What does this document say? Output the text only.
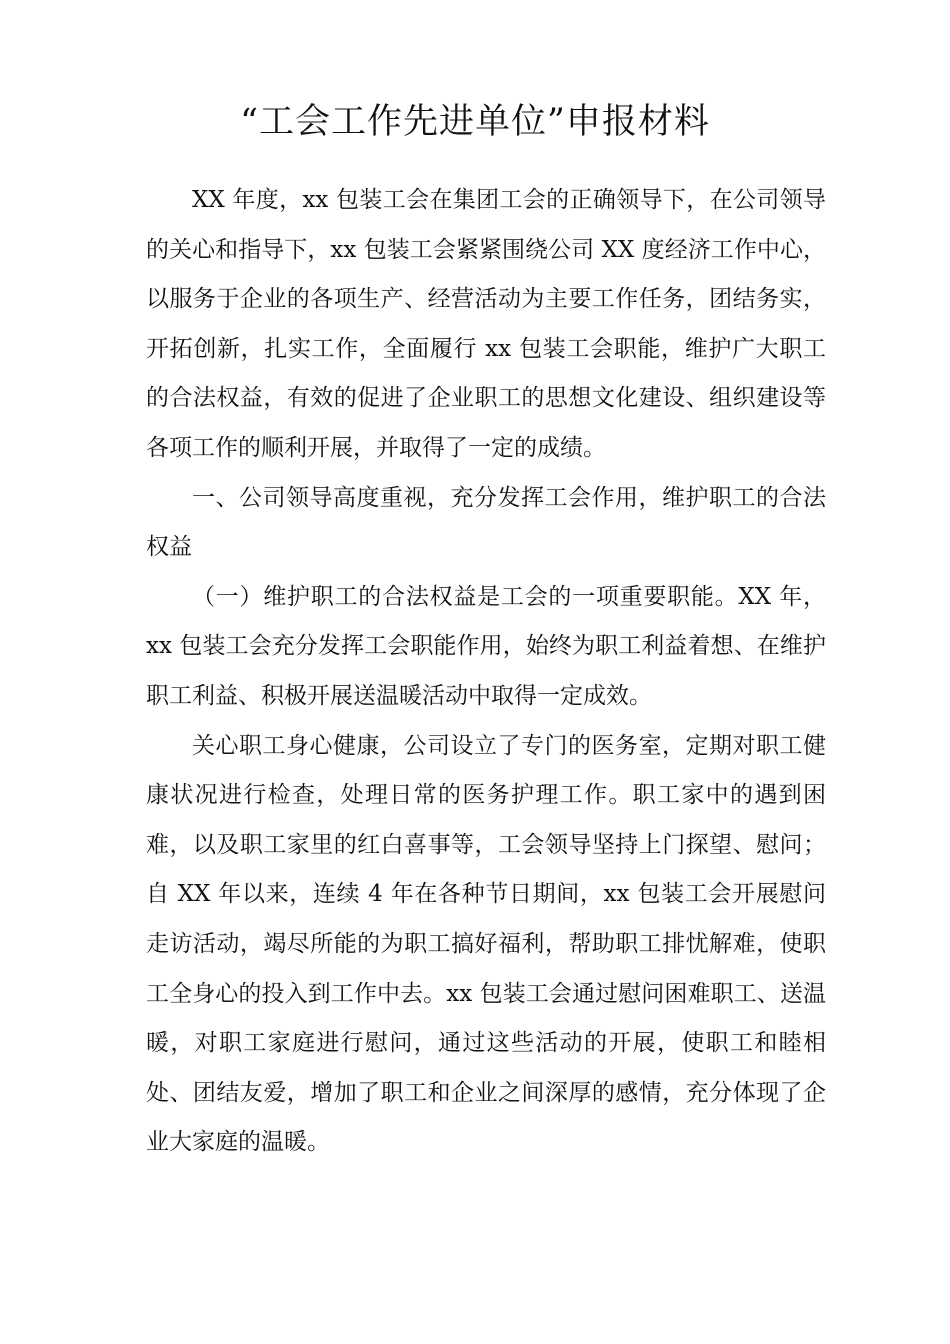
“工会工作先进单位”申报材料

XX 年度，xx 包装工会在集团工会的正确领导下，在公司领导的关心和指导下，xx 包装工会紧紧围绕公司 XX 度经济工作中心，以服务于企业的各项生产、经营活动为主要工作任务，团结务实，开拓创新，扎实工作，全面履行 xx 包装工会职能，维护广大职工的合法权益，有效的促进了企业职工的思想文化建设、组织建设等各项工作的顺利开展，并取得了一定的成绩。

一、公司领导高度重视，充分发挥工会作用，维护职工的合法权益

（一）维护职工的合法权益是工会的一项重要职能。XX 年，xx 包装工会充分发挥工会职能作用，始终为职工利益着想、在维护职工利益、积极开展送温暖活动中取得一定成效。

关心职工身心健康，公司设立了专门的医务室，定期对职工健康状况进行检查，处理日常的医务护理工作。职工家中的遇到困难，以及职工家里的红白喜事等，工会领导坚持上门探望、慰问；自 XX 年以来，连续 4 年在各种节日期间，xx 包装工会开展慰问走访活动，竭尽所能的为职工搞好福利，帮助职工排忧解难，使职工全身心的投入到工作中去。xx 包装工会通过慰问困难职工、送温暖，对职工家庭进行慰问，通过这些活动的开展，使职工和睦相处、团结友爱，增加了职工和企业之间深厚的感情，充分体现了企业大家庭的温暖。
